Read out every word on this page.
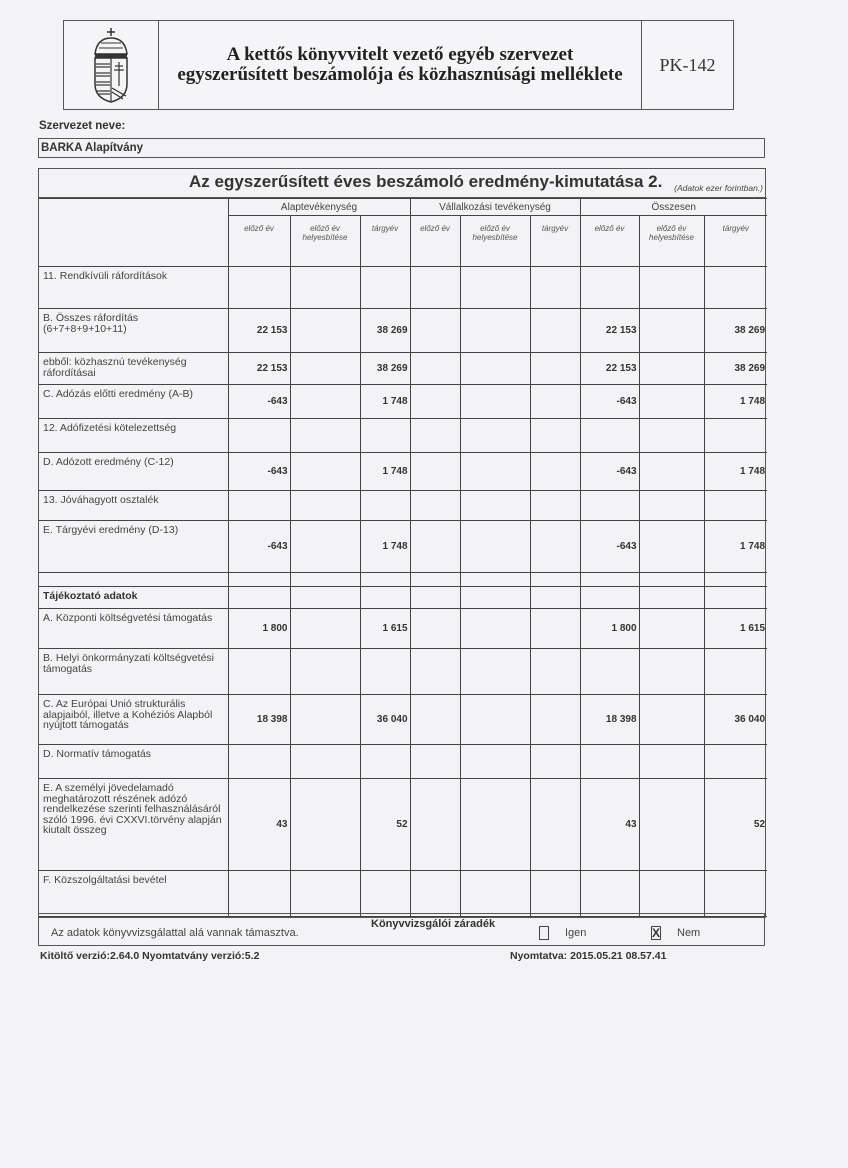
A kettős könyvvitelt vezető egyéb szervezet
egyszerűsített beszámolója és közhasznúsági melléklete	PK-142
Szervezet neve:
BARKA Alapítvány
Az egyszerűsített éves beszámoló eredmény-kimutatása 2. (Adatok ezer forintban.)
	Alaptevékenység			Vállalkozási tevékenység			Összesen		
	előző év	előző év helyesbítése	tárgyév	előző év	előző év helyesbítése	tárgyév	előző év	előző év helyesbítése	tárgyév
11. Rendkívüli ráfordítások									
B. Összes ráfordítás (6+7+8+9+10+11)	22 153		38 269				22 153		38 269
ebből: közhasznú tevékenység ráfordításai	22 153		38 269				22 153		38 269
C. Adózás előtti eredmény (A-B)	-643		1 748				-643		1 748
12. Adófizetési kötelezettség									
D. Adózott eredmény (C-12)	-643		1 748				-643		1 748
13. Jóváhagyott osztalék									
E. Tárgyévi eredmény (D-13)	-643		1 748				-643		1 748

Tájékoztató adatok									
A. Központi költségvetési támogatás	1 800		1 615				1 800		1 615
B. Helyi önkormányzati költségvetési támogatás									
C. Az Európai Unió strukturális alapjaiból, illetve a Kohéziós Alapból nyújtott támogatás	18 398		36 040				18 398		36 040
D. Normatív támogatás									
E. A személyi jövedelamadó meghatározott részének adózó rendelkezése szerinti felhasználásáról szóló 1996. évi CXXVI.törvény alapján kiutalt összeg	43		52				43		52
F. Közszolgáltatási bevétel									
Az adatok könyvvizsgálattal alá vannak támasztva.
Könyvvizsgálói záradék
Igen	X Nem
Kitöltő verzió:2.64.0 Nyomtatvány verzió:5.2	Nyomtatva: 2015.05.21 08.57.41
